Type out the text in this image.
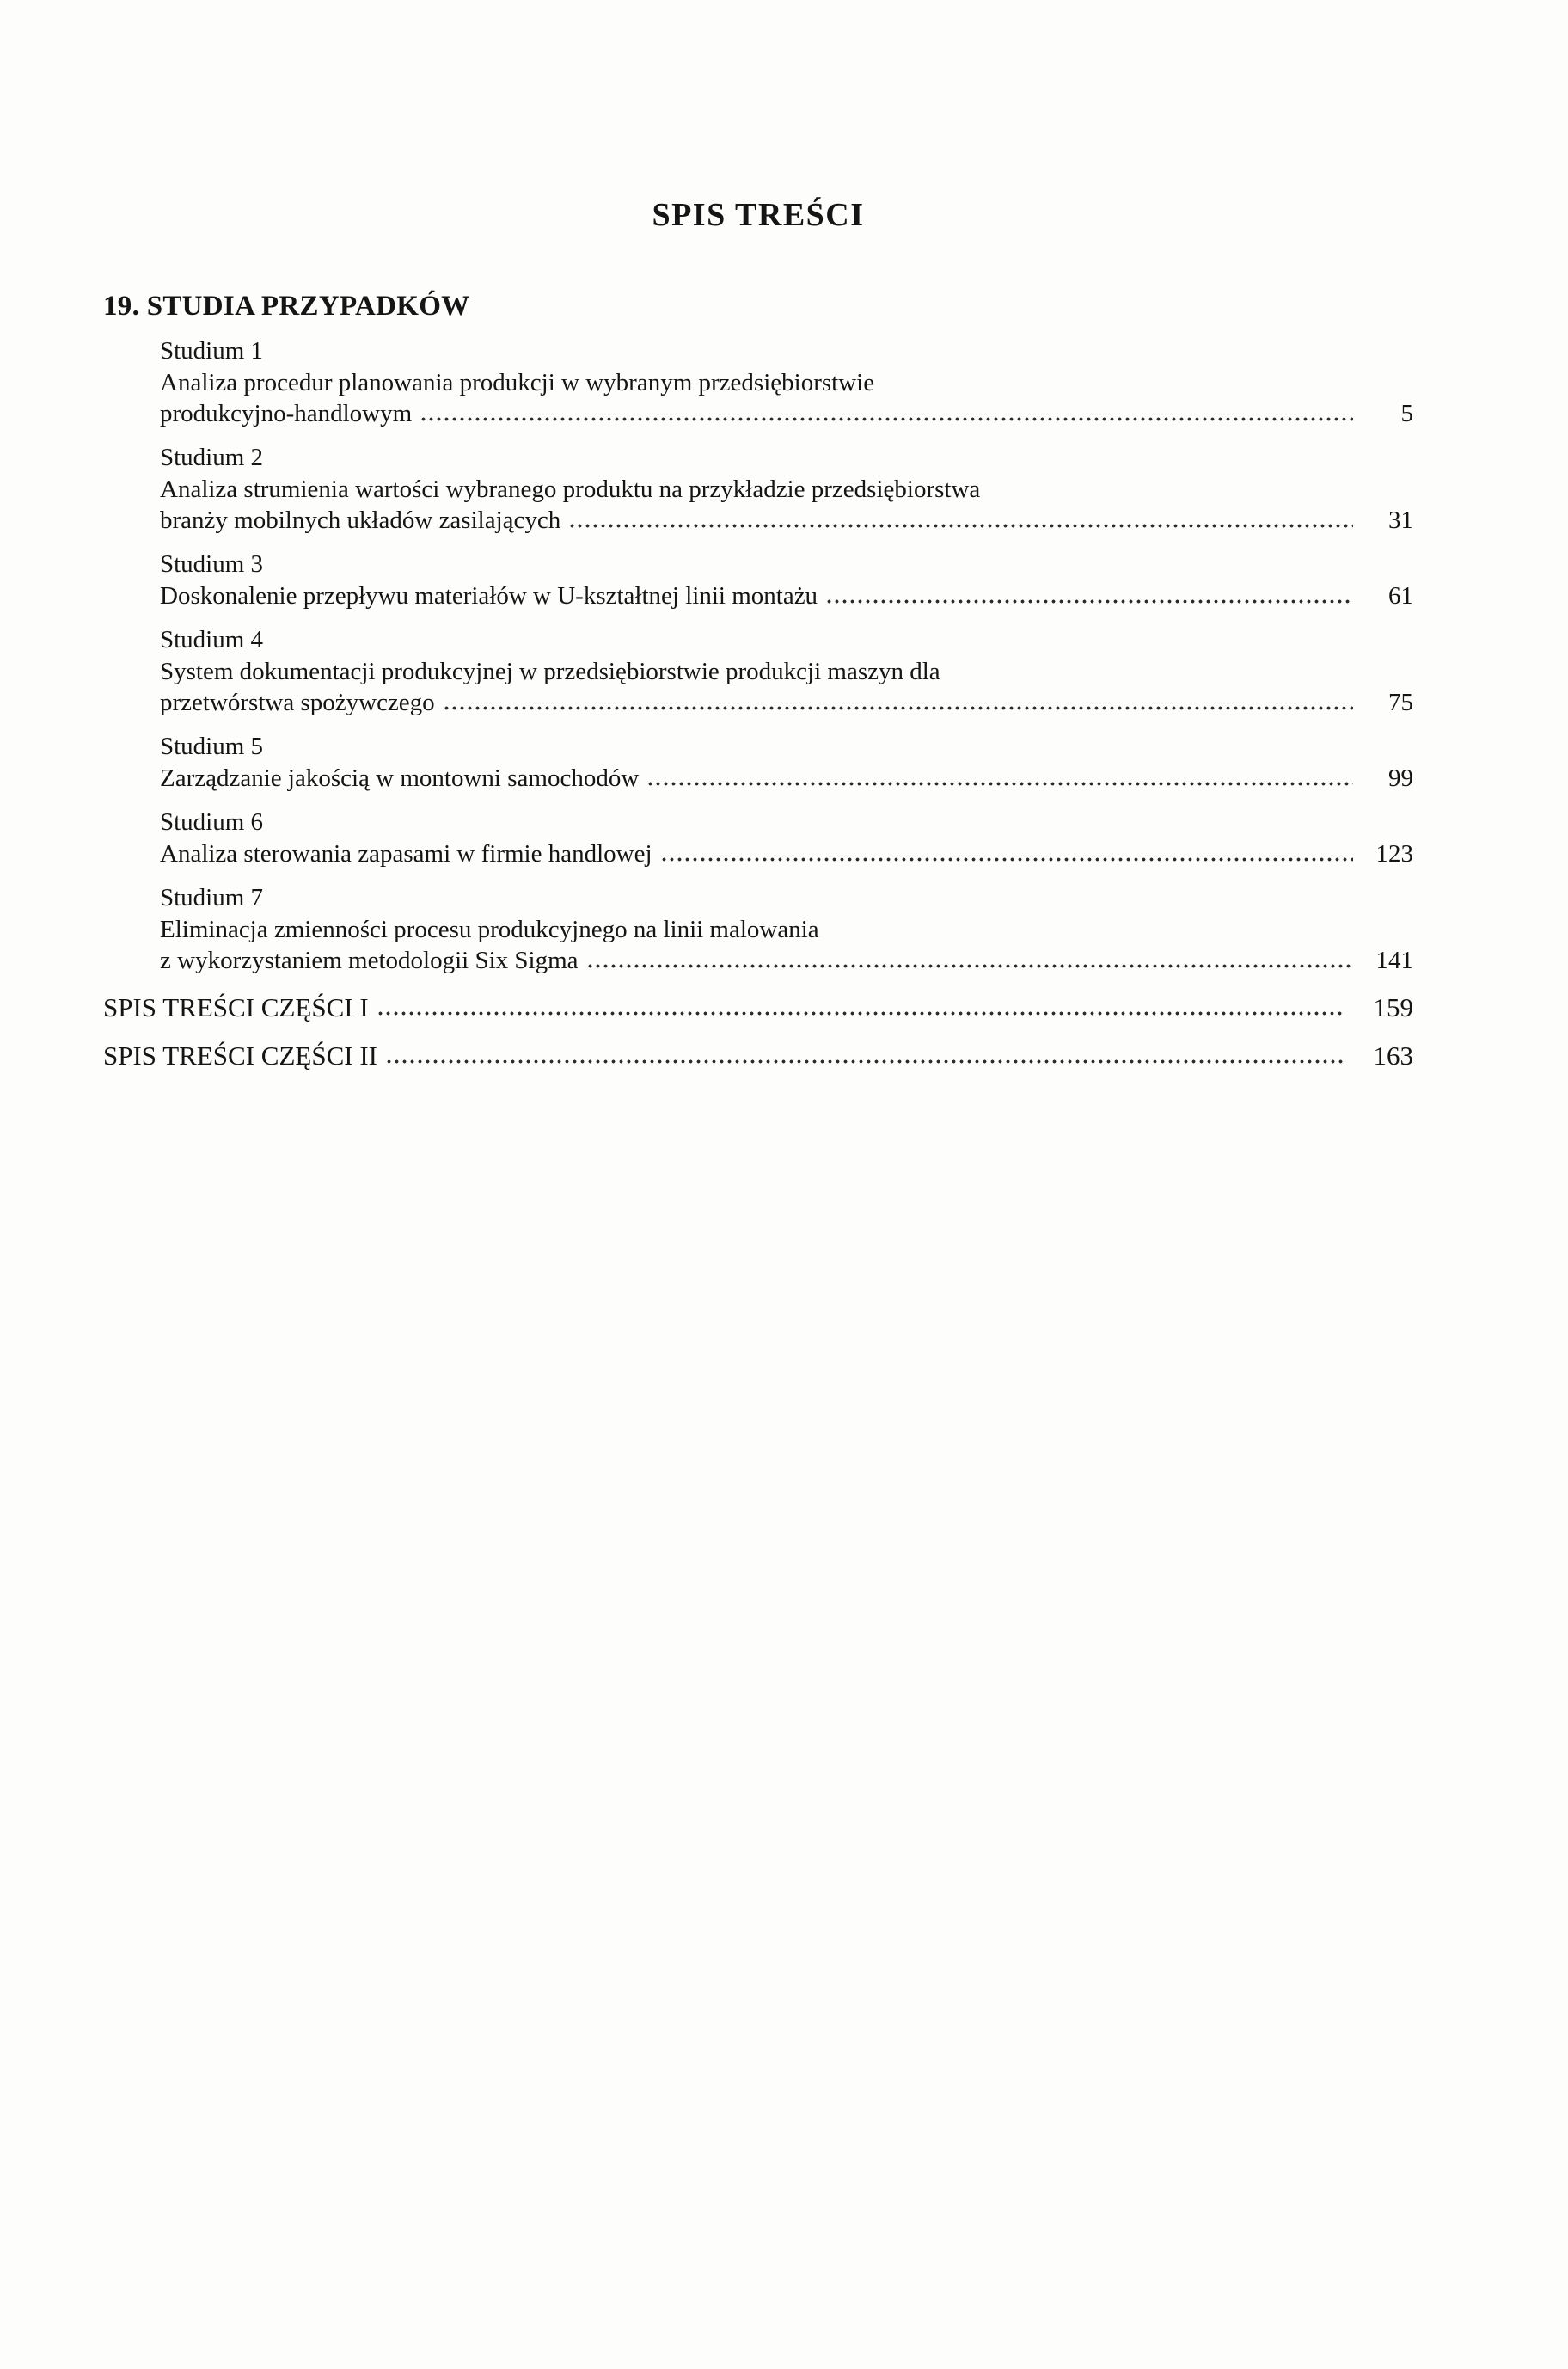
SPIS TREŚCI
19. STUDIA PRZYPADKÓW
Studium 1
Analiza procedur planowania produkcji w wybranym przedsiębiorstwie
produkcyjno-handlowym	5
Studium 2
Analiza strumienia wartości wybranego produktu na przykładzie przedsiębiorstwa
branży mobilnych układów zasilających	31
Studium 3
Doskonalenie przepływu materiałów w U-kształtnej linii montażu	61
Studium 4
System dokumentacji produkcyjnej w przedsiębiorstwie produkcji maszyn dla
przetwórstwa spożywczego	75
Studium 5
Zarządzanie jakością w montowni samochodów	99
Studium 6
Analiza sterowania zapasami w firmie handlowej	123
Studium 7
Eliminacja zmienności procesu produkcyjnego na linii malowania
z wykorzystaniem metodologii Six Sigma	141
SPIS TREŚCI CZĘŚCI I	159
SPIS TREŚCI CZĘŚCI II	163
